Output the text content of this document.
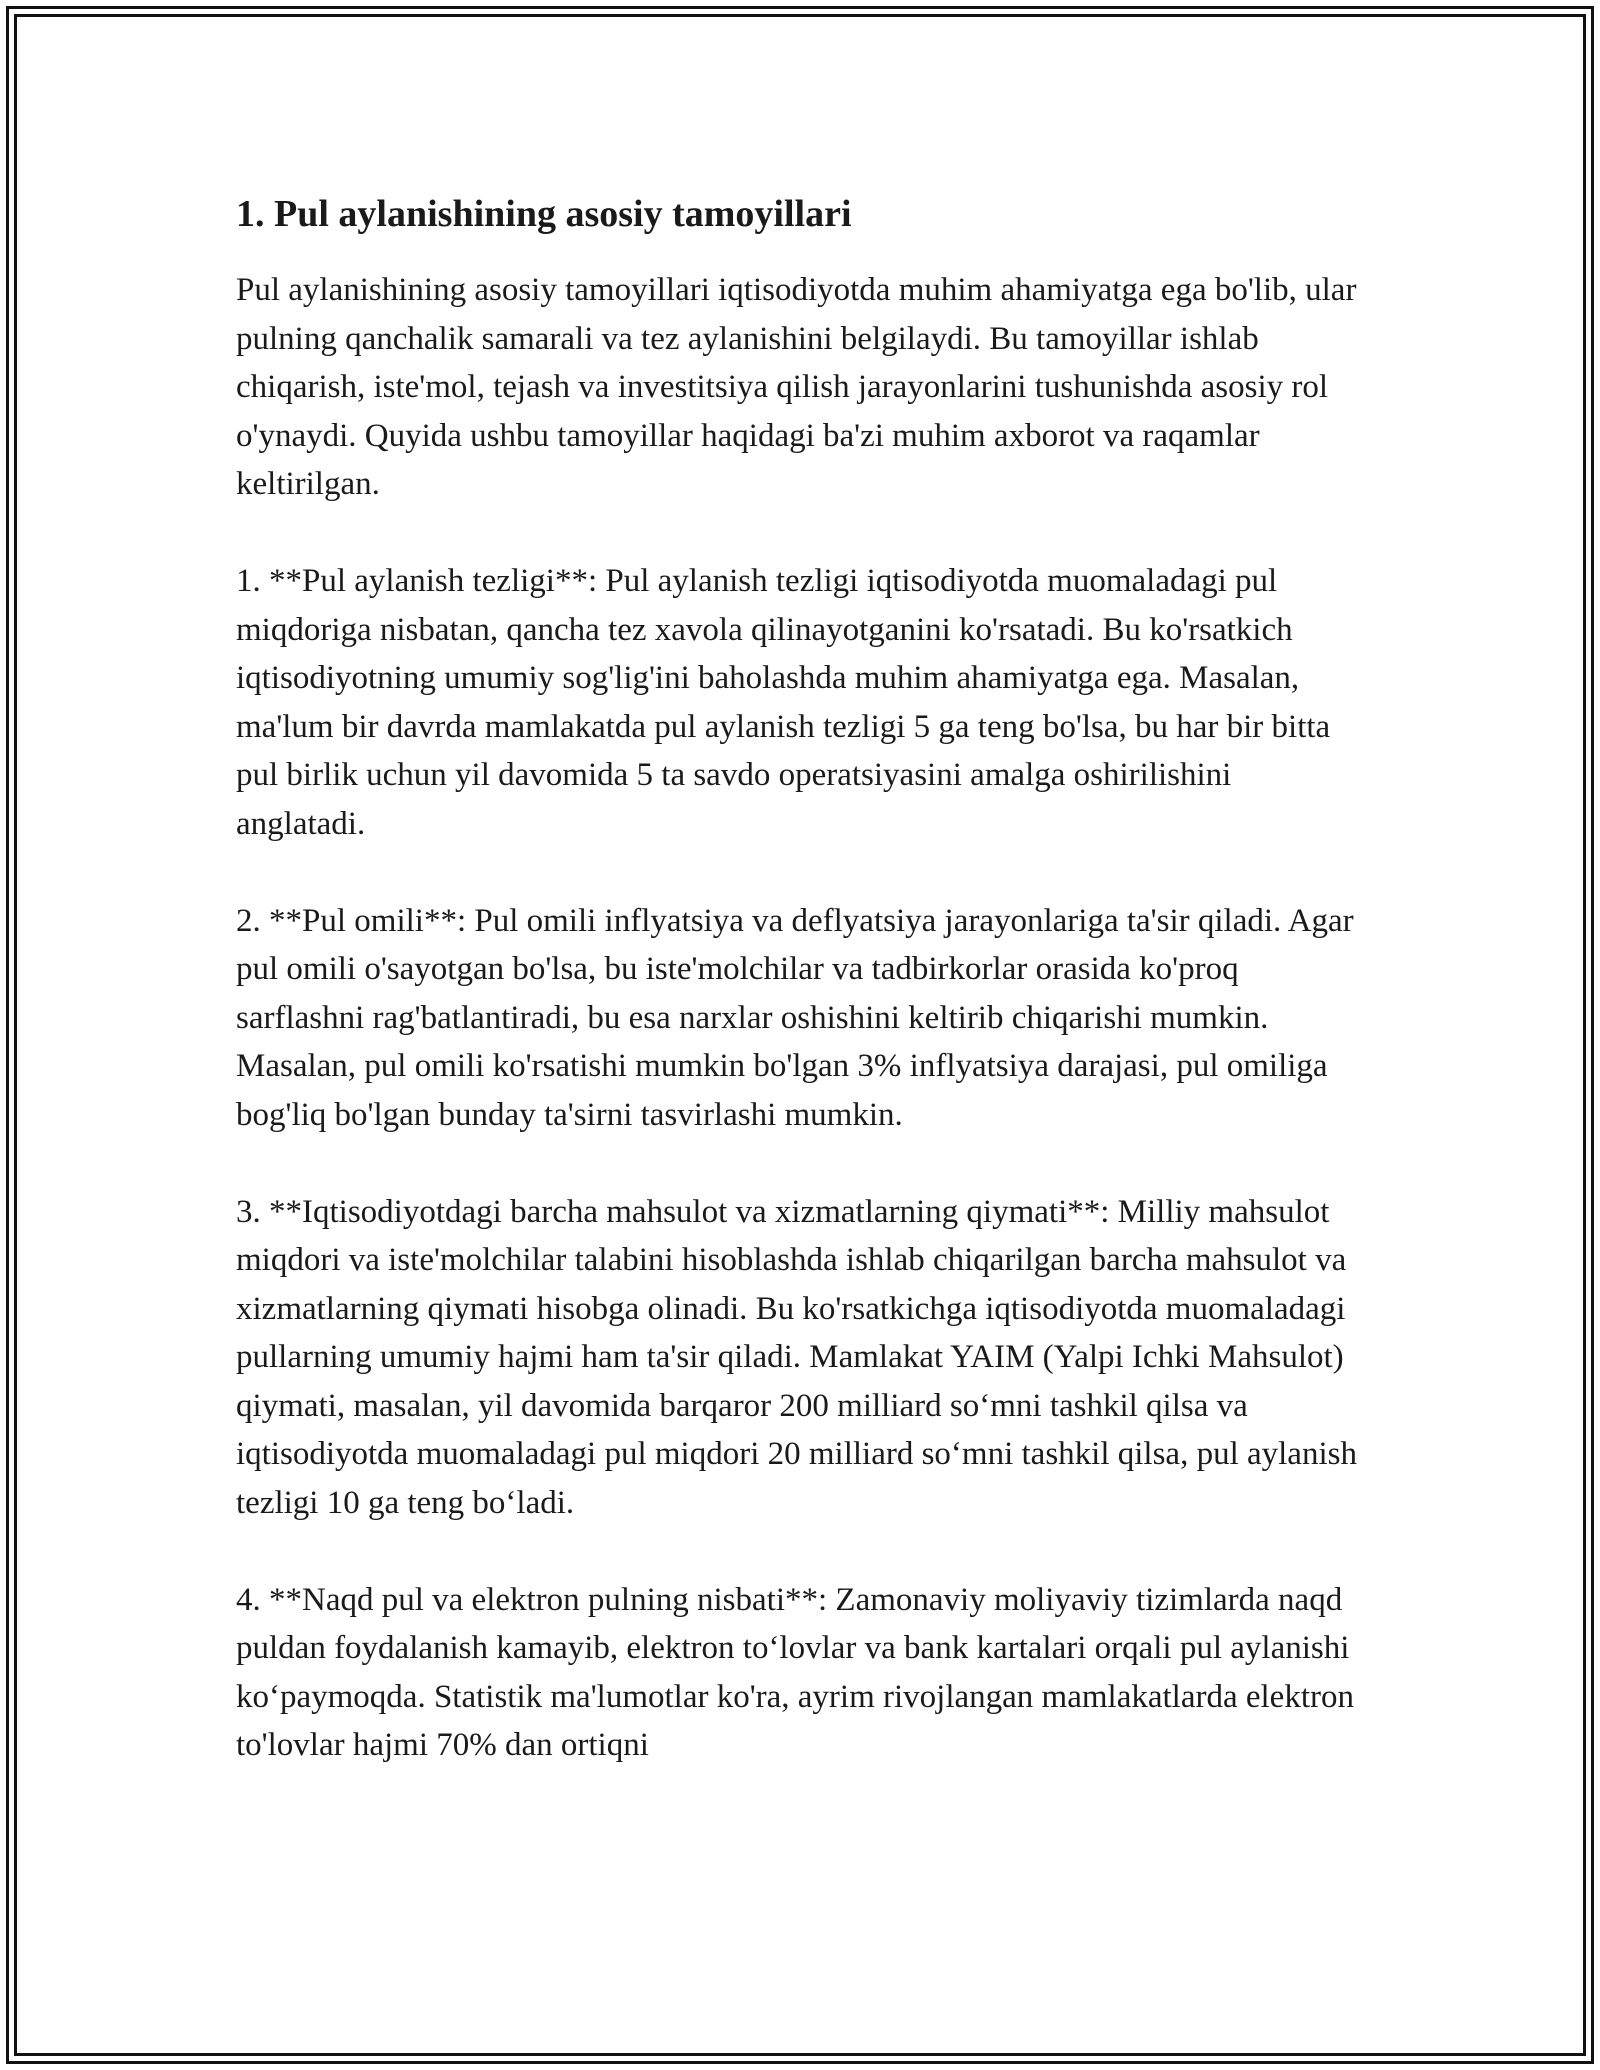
1. Pul aylanishining asosiy tamoyillari

Pul aylanishining asosiy tamoyillari iqtisodiyotda muhim ahamiyatga ega bo'lib, ular pulning qanchalik samarali va tez aylanishini belgilaydi. Bu tamoyillar ishlab chiqarish, iste'mol, tejash va investitsiya qilish jarayonlarini tushunishda asosiy rol o'ynaydi. Quyida ushbu tamoyillar haqidagi ba'zi muhim axborot va raqamlar keltirilgan.

1. **Pul aylanish tezligi**: Pul aylanish tezligi iqtisodiyotda muomaladagi pul miqdoriga nisbatan, qancha tez xavola qilinayotganini ko'rsatadi. Bu ko'rsatkich iqtisodiyotning umumiy sog'lig'ini baholashda muhim ahamiyatga ega. Masalan, ma'lum bir davrda mamlakatda pul aylanish tezligi 5 ga teng bo'lsa, bu har bir bitta pul birlik uchun yil davomida 5 ta savdo operatsiyasini amalga oshirilishini anglatadi.

2. **Pul omili**: Pul omili inflyatsiya va deflyatsiya jarayonlariga ta'sir qiladi. Agar pul omili o'sayotgan bo'lsa, bu iste'molchilar va tadbirkorlar orasida ko'proq sarflashni rag'batlantiradi, bu esa narxlar oshishini keltirib chiqarishi mumkin. Masalan, pul omili ko'rsatishi mumkin bo'lgan 3% inflyatsiya darajasi, pul omiliga bog'liq bo'lgan bunday ta'sirni tasvirlashi mumkin.

3. **Iqtisodiyotdagi barcha mahsulot va xizmatlarning qiymati**: Milliy mahsulot miqdori va iste'molchilar talabini hisoblashda ishlab chiqarilgan barcha mahsulot va xizmatlarning qiymati hisobga olinadi. Bu ko'rsatkichga iqtisodiyotda muomaladagi pullarning umumiy hajmi ham ta'sir qiladi. Mamlakat YAIM (Yalpi Ichki Mahsulot) qiymati, masalan, yil davomida barqaror 200 milliard so‘mni tashkil qilsa va iqtisodiyotda muomaladagi pul miqdori 20 milliard so‘mni tashkil qilsa, pul aylanish tezligi 10 ga teng bo‘ladi.

4. **Naqd pul va elektron pulning nisbati**: Zamonaviy moliyaviy tizimlarda naqd puldan foydalanish kamayib, elektron to‘lovlar va bank kartalari orqali pul aylanishi ko‘paymoqda. Statistik ma'lumotlar ko'ra, ayrim rivojlangan mamlakatlarda elektron to'lovlar hajmi 70% dan ortiqni
